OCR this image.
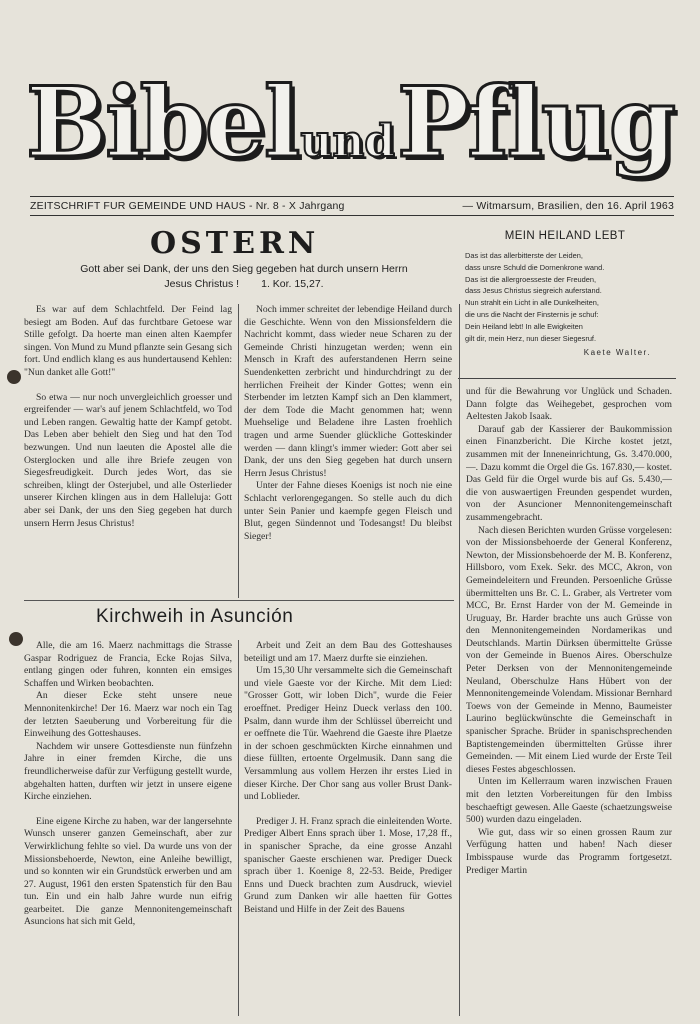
BibelundPflug
ZEITSCHRIFT FUR GEMEINDE UND HAUS - Nr. 8 - X Jahrgang	— Witmarsum, Brasilien, den 16. April 1963
OSTERN
Gott aber sei Dank, der uns den Sieg gegeben hat durch unsern Herrn
Jesus Christus ! 1. Kor. 15,27.
MEIN HEILAND LEBT
Das ist das allerbitterste der Leiden,
dass unsre Schuld die Dornenkrone wand.
Das ist die allergroesseste der Freuden,
dass Jesus Christus siegreich auferstand.
Nun strahlt ein Licht in alle Dunkelheiten,
die uns die Nacht der Finsternis je schuf:
Dein Heiland lebt! In alle Ewigkeiten
gilt dir, mein Herz, nun dieser Siegesruf.
Kaete Walter.

Es war auf dem Schlachtfeld. Der Feind lag besiegt am Boden. Auf das furchtbare Getoese war Stille gefolgt. Da hoerte man einen alten Kaempfer singen. Von Mund zu Mund pflanzte sein Gesang sich fort. Und endlich klang es aus hundertausend Kehlen: "Nun danket alle Gott!"

So etwa — nur noch unvergleichlich groesser und ergreifender — war's auf jenem Schlachtfeld, wo Tod und Leben rangen. Gewaltig hatte der Kampf getobt. Das Leben aber behielt den Sieg und hat den Tod bezwungen. Und nun laeuten die Apostel alle die Osterglocken und alle ihre Briefe zeugen von Siegesfreudigkeit. Durch jedes Wort, das sie schreiben, klingt der Osterjubel, und alle Osterlieder unserer Kirchen klingen aus in dem Halleluja: Gott aber sei Dank, der uns den Sieg gegeben hat durch unsern Herrn Jesus Christus!

Noch immer schreitet der lebendige Heiland durch die Geschichte. Wenn von den Missionsfeldern die Nachricht kommt, dass wieder neue Scharen zu der Gemeinde Christi hinzugetan werden; wenn ein Mensch in Kraft des auferstandenen Herrn seine Suendenketten zerbricht und hindurchdringt zu der herrlichen Freiheit der Kinder Gottes; wenn ein Sterbender im letzten Kampf sich an Den klammert, der dem Tode die Macht genommen hat; wenn Muehselige und Beladene ihre Lasten froehlich tragen und arme Suender glückliche Gotteskinder werden — dann klingt's immer wieder: Gott aber sei Dank, der uns den Sieg gegeben hat durch unsern Herrn Jesus Christus!

Unter der Fahne dieses Koenigs ist noch nie eine Schlacht verlorengegangen. So stelle auch du dich unter Sein Panier und kaempfe gegen Fleisch und Blut, gegen Sündennot und Todesangst! Du bleibst Sieger!

Kirchweih in Asunción

Alle, die am 16. Maerz nachmittags die Strasse Gaspar Rodriguez de Francia, Ecke Rojas Silva, entlang gingen oder fuhren, konnten ein emsiges Schaffen und Wirken beobachten.

An dieser Ecke steht unsere neue Mennonitenkirche! Der 16. Maerz war noch ein Tag der letzten Saeuberung und Vorbereitung für die Einweihung des Gotteshauses.

Nachdem wir unsere Gottesdienste nun fünfzehn Jahre in einer fremden Kirche, die uns freundlicherweise dafür zur Verfügung gestellt wurde, abgehalten hatten, durften wir jetzt in unsere eigene Kirche einziehen.

Eine eigene Kirche zu haben, war der langersehnte Wunsch unserer ganzen Gemeinschaft, aber zur Verwirklichung fehlte so viel. Da wurde uns von der Missionsbehoerde, Newton, eine Anleihe bewilligt, und so konnten wir ein Grundstück erwerben und am 27. August, 1961 den ersten Spatenstich für den Bau tun. Ein und ein halb Jahre wurde nun eifrig gearbeitet. Die ganze Mennonitengemeinschaft Asuncions hat sich mit Geld,

Arbeit und Zeit an dem Bau des Gotteshauses beteiligt und am 17. Maerz durfte sie einziehen.

Um 15,30 Uhr versammelte sich die Gemeinschaft und viele Gaeste vor der Kirche. Mit dem Lied: "Grosser Gott, wir loben Dich", wurde die Feier eroeffnet. Prediger Heinz Dueck verlass den 100. Psalm, dann wurde ihm der Schlüssel überreicht und er oeffnete die Tür. Waehrend die Gaeste ihre Plaetze in der schoen geschmückten Kirche einnahmen und diese füllten, ertoente Orgelmusik. Dann sang die Versammlung aus vollem Herzen ihr erstes Lied in dieser Kirche. Der Chor sang aus voller Brust Dank- und Loblieder.

Prediger J. H. Franz sprach die einleitenden Worte. Prediger Albert Enns sprach über 1. Mose, 17,28 ff., in spanischer Sprache, da eine grosse Anzahl spanischer Gaeste erschienen war. Prediger Dueck sprach über 1. Koenige 8, 22-53. Beide, Prediger Enns und Dueck brachten zum Ausdruck, wieviel Grund zum Danken wir alle haetten für Gottes Beistand und Hilfe in der Zeit des Bauens

und für die Bewahrung vor Unglück und Schaden. Dann folgte das Weihegebet, gesprochen vom Aeltesten Jakob Isaak.

Darauf gab der Kassierer der Baukommission einen Finanzbericht. Die Kirche kostet jetzt, zusammen mit der Inneneinrichtung, Gs. 3.470.000,—. Dazu kommt die Orgel die Gs. 167.830,— kostet. Das Geld für die Orgel wurde bis auf Gs. 5.430,— die von auswaertigen Freunden gespendet wurden, von der Asuncioner Mennonitengemeinschaft zusammengebracht.

Nach diesen Berichten wurden Grüsse vorgelesen: von der Missionsbehoerde der General Konferenz, Newton, der Missionsbehoerde der M. B. Konferenz, Hillsboro, vom Exek. Sekr. des MCC, Akron, von Gemeindeleitern und Freunden. Persoenliche Grüsse übermittelten uns Br. C. L. Graber, als Vertreter vom MCC, Br. Ernst Harder von der M. Gemeinde in Uruguay, Br. Harder brachte uns auch Grüsse von den Mennonitengemeinden Nordamerikas und Deutschlands. Martin Dürksen übermittelte Grüsse von der Gemeinde in Buenos Aires. Oberschulze Peter Derksen von der Mennonitengemeinde Neuland, Oberschulze Hans Hübert von der Mennonitengemeinde Volendam. Missionar Bernhard Toews von der Gemeinde in Menno, Baumeister Laurino beglückwünschte die Gemeinschaft in spanischer Sprache. Brüder in spanischsprechenden Baptistengemeinden übermittelten Grüsse ihrer Gemeinden. — Mit einem Lied wurde der Erste Teil dieses Festes abgeschlossen.

Unten im Kellerraum waren inzwischen Frauen mit den letzten Vorbereitungen für den Imbiss beschaeftigt gewesen. Alle Gaeste (schaetzungsweise 500) wurden dazu eingeladen.

Wie gut, dass wir so einen grossen Raum zur Verfügung hatten und haben! Nach dieser Imbisspause wurde das Programm fortgesetzt. Prediger Martin
